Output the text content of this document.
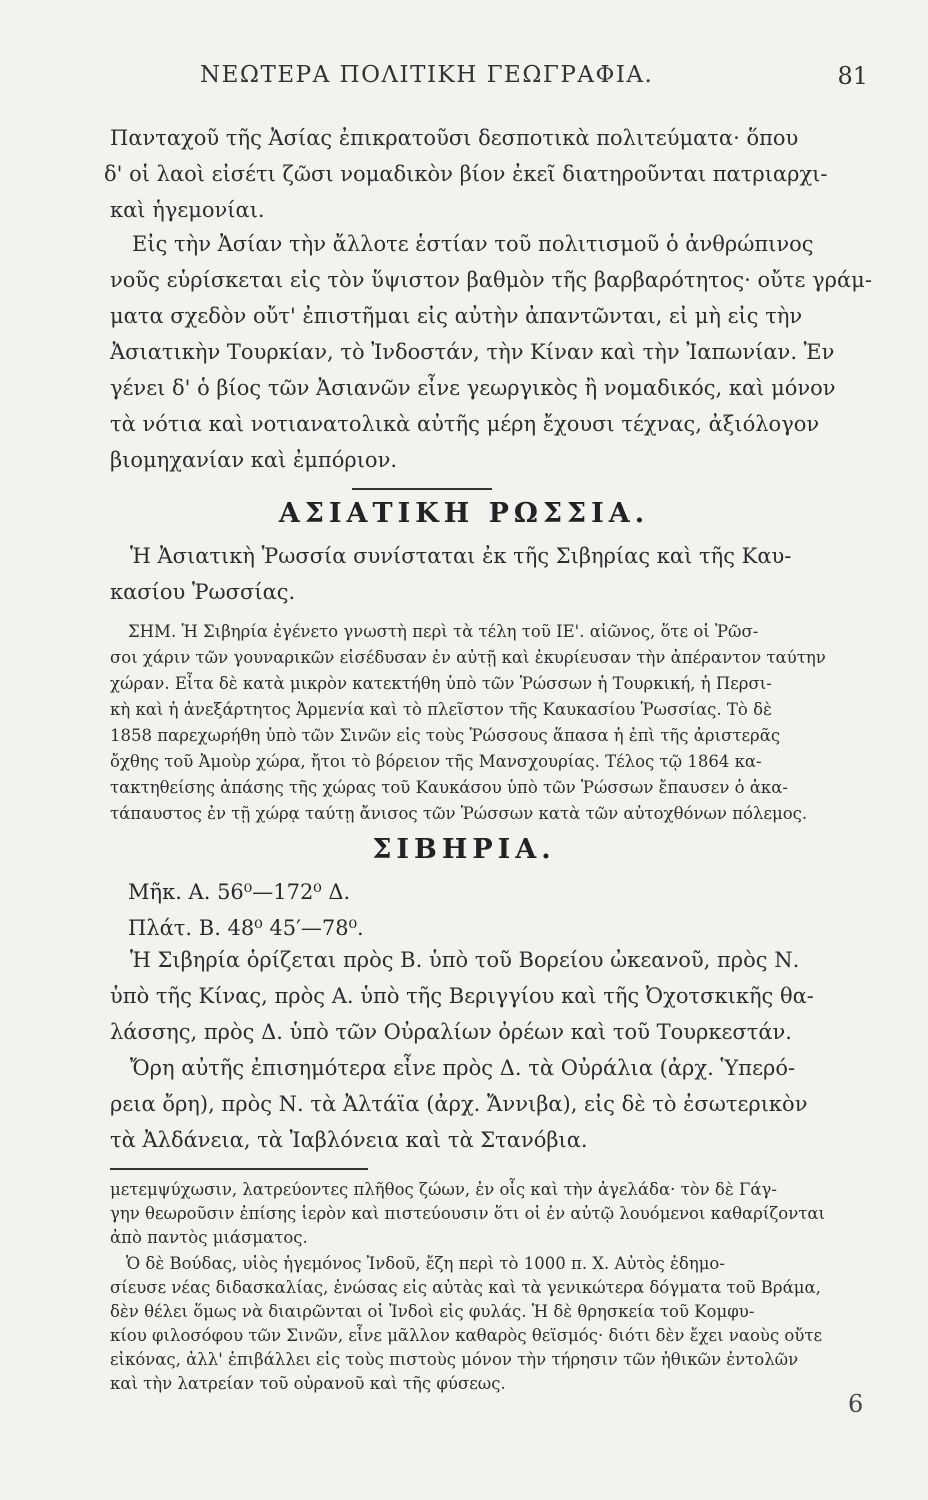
ΝΕΩΤΕΡΑ ΠΟΛΙΤΙΚΗ ΓΕΩΓΡΑΦΙΑ.	81
Πανταχοῦ τῆς Ἀσίας ἐπικρατοῦσι δεσποτικὰ πολιτεύματα· ὅπου
δ' οἱ λαοὶ εἰσέτι ζῶσι νομαδικὸν βίον ἐκεῖ διατηροῦνται πατριαρχι-
καὶ ἡγεμονίαι.
Εἰς τὴν Ἀσίαν τὴν ἄλλοτε ἑστίαν τοῦ πολιτισμοῦ ὁ ἀνθρώπινος
νοῦς εὑρίσκεται εἰς τὸν ὕψιστον βαθμὸν τῆς βαρβαρότητος· οὔτε γράμ-
ματα σχεδὸν οὔτ' ἐπιστῆμαι εἰς αὐτὴν ἀπαντῶνται, εἰ μὴ εἰς τὴν
Ἀσιατικὴν Τουρκίαν, τὸ Ἰνδοστάν, τὴν Κίναν καὶ τὴν Ἰαπωνίαν. Ἐν
γένει δ' ὁ βίος τῶν Ἀσιανῶν εἶνε γεωργικὸς ἢ νομαδικός, καὶ μόνον
τὰ νότια καὶ νοτιανατολικὰ αὐτῆς μέρη ἔχουσι τέχνας, ἀξιόλογον
βιομηχανίαν καὶ ἐμπόριον.
ΑΣΙΑΤΙΚΗ ΡΩΣΣΙΑ.
Ἡ Ἀσιατικὴ Ῥωσσία συνίσταται ἐκ τῆς Σιβηρίας καὶ τῆς Καυ-
κασίου Ῥωσσίας.
ΣΗΜ. Ἡ Σιβηρία ἐγένετο γνωστὴ περὶ τὰ τέλη τοῦ ΙΕ'. αἰῶνος, ὅτε οἱ Ῥῶσ-
σοι χάριν τῶν γουναρικῶν εἰσέδυσαν ἐν αὐτῇ καὶ ἐκυρίευσαν τὴν ἀπέραντον ταύτην
χώραν. Εἶτα δὲ κατὰ μικρὸν κατεκτήθη ὑπὸ τῶν Ῥώσσων ἡ Τουρκική, ἡ Περσι-
κὴ καὶ ἡ ἀνεξάρτητος Ἀρμενία καὶ τὸ πλεῖστον τῆς Καυκασίου Ῥωσσίας. Τὸ δὲ
1858 παρεχωρήθη ὑπὸ τῶν Σινῶν εἰς τοὺς Ῥώσσους ἅπασα ἡ ἐπὶ τῆς ἀριστερᾶς
ὄχθης τοῦ Ἀμοὺρ χώρα, ἤτοι τὸ βόρειον τῆς Μανσχουρίας. Τέλος τῷ 1864 κα-
τακτηθείσης ἁπάσης τῆς χώρας τοῦ Καυκάσου ὑπὸ τῶν Ῥώσσων ἔπαυσεν ὁ ἀκα-
τάπαυστος ἐν τῇ χώρᾳ ταύτῃ ἄνισος τῶν Ῥώσσων κατὰ τῶν αὐτοχθόνων πόλεμος.
ΣΙΒΗΡΙΑ.
Μῆκ. Α. 56⁰—172⁰ Δ.
Πλάτ. Β. 48⁰ 45′—78⁰.
Ἡ Σιβηρία ὁρίζεται πρὸς Β. ὑπὸ τοῦ Βορείου ὠκεανοῦ, πρὸς Ν.
ὑπὸ τῆς Κίνας, πρὸς Α. ὑπὸ τῆς Βεριγγίου καὶ τῆς Ὀχοτσκικῆς θα-
λάσσης, πρὸς Δ. ὑπὸ τῶν Οὐραλίων ὀρέων καὶ τοῦ Τουρκεστάν.
Ὄρη αὐτῆς ἐπισημότερα εἶνε πρὸς Δ. τὰ Οὐράλια (ἀρχ. Ὑπερό-
ρεια ὄρη), πρὸς Ν. τὰ Ἀλτάϊα (ἀρχ. Ἄννιβα), εἰς δὲ τὸ ἐσωτερικὸν
τὰ Ἀλδάνεια, τὰ Ἰαβλόνεια καὶ τὰ Στανόβια.
μετεμψύχωσιν, λατρεύοντες πλῆθος ζώων, ἐν οἷς καὶ τὴν ἀγελάδα· τὸν δὲ Γάγ-
γην θεωροῦσιν ἐπίσης ἱερὸν καὶ πιστεύουσιν ὅτι οἱ ἐν αὐτῷ λουόμενοι καθαρίζονται
ἀπὸ παντὸς μιάσματος.
Ὁ δὲ Βούδας, υἱὸς ἡγεμόνος Ἰνδοῦ, ἔζη περὶ τὸ 1000 π. Χ. Αὐτὸς ἐδημο-
σίευσε νέας διδασκαλίας, ἑνώσας εἰς αὐτὰς καὶ τὰ γενικώτερα δόγματα τοῦ Βράμα,
δὲν θέλει ὅμως νὰ διαιρῶνται οἱ Ἰνδοὶ εἰς φυλάς. Ἡ δὲ θρησκεία τοῦ Κομφυ-
κίου φιλοσόφου τῶν Σινῶν, εἶνε μᾶλλον καθαρὸς θεϊσμός· διότι δὲν ἔχει ναοὺς οὔτε
εἰκόνας, ἀλλ' ἐπιβάλλει εἰς τοὺς πιστοὺς μόνον τὴν τήρησιν τῶν ἠθικῶν ἐντολῶν
καὶ τὴν λατρείαν τοῦ οὐρανοῦ καὶ τῆς φύσεως.
6
